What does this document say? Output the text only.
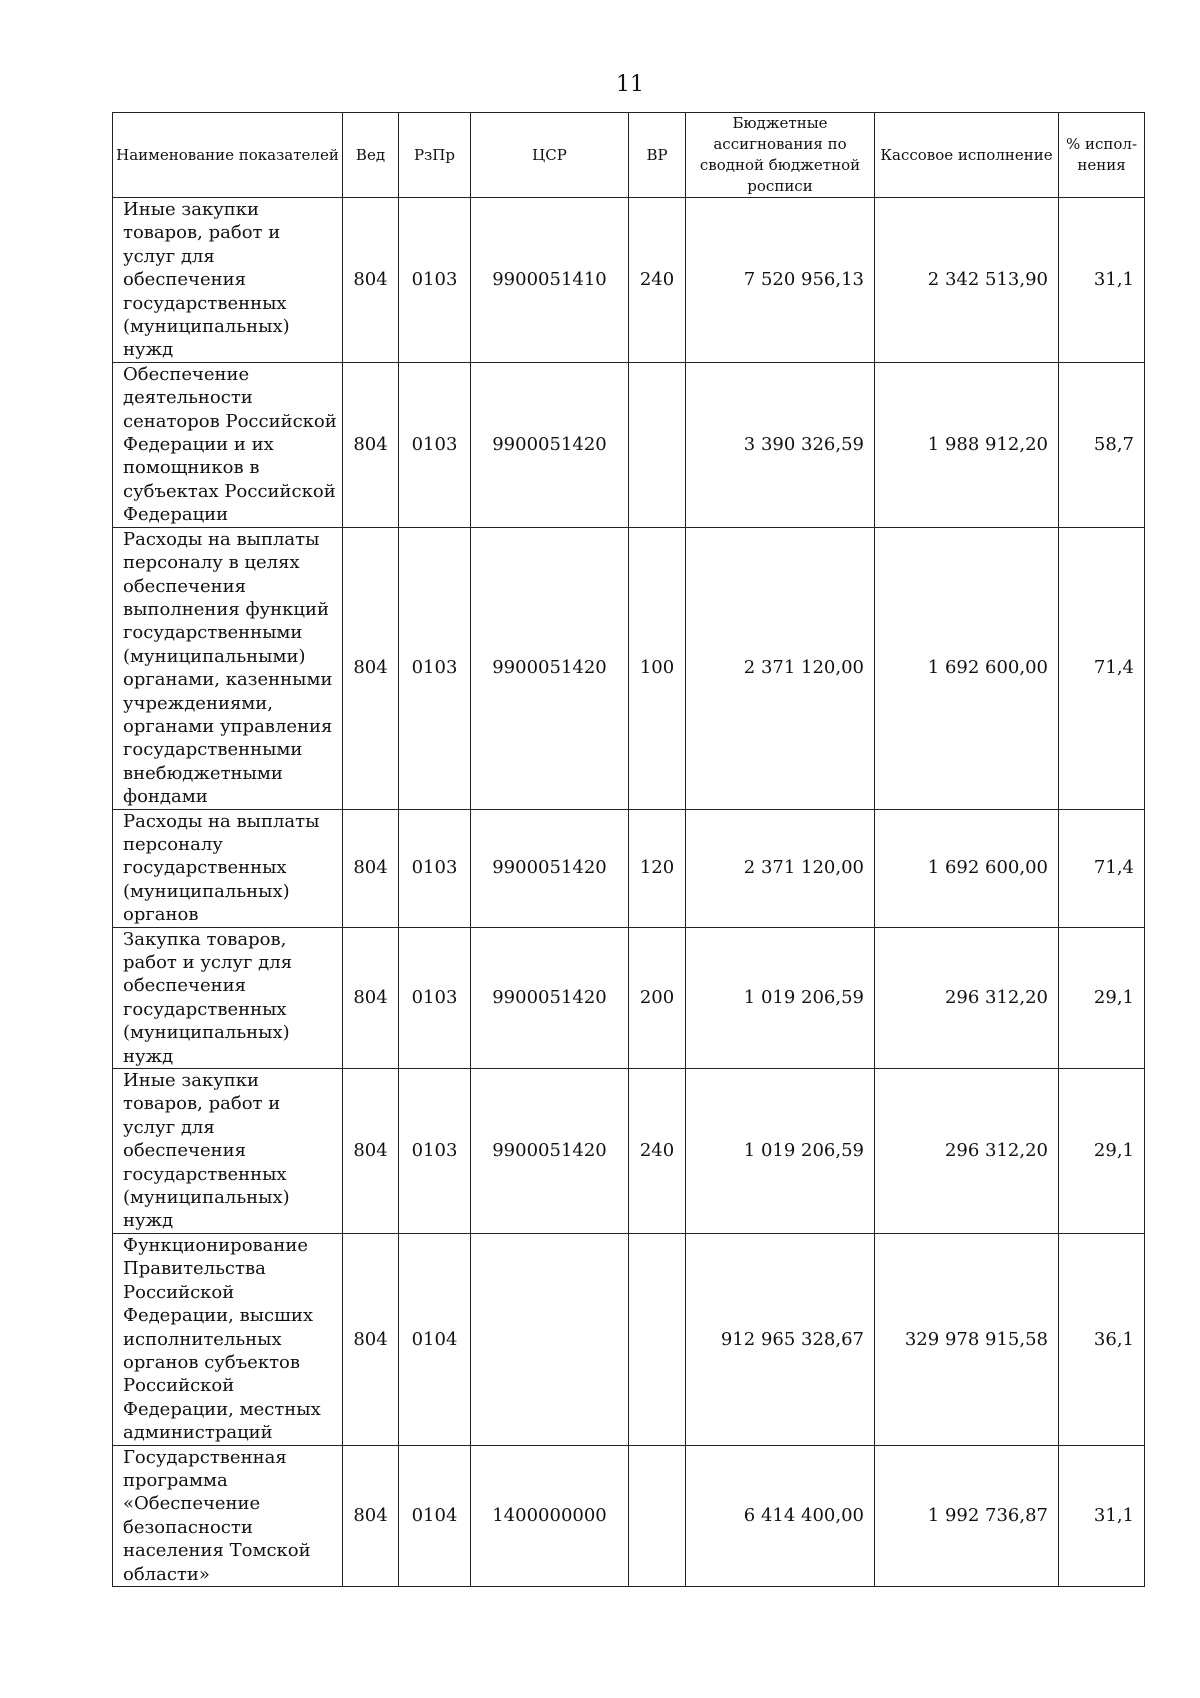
11
Наименование показателей	Вед	РзПр	ЦСР	ВР	Бюджетные ассигнования по сводной бюджетной росписи	Кассовое исполнение	% испол-нения
Иные закупки товаров, работ и услуг для обеспечения государственных (муниципальных) нужд	804	0103	9900051410	240	7 520 956,13	2 342 513,90	31,1
Обеспечение деятельности сенаторов Российской Федерации и их помощников в субъектах Российской Федерации	804	0103	9900051420		3 390 326,59	1 988 912,20	58,7
Расходы на выплаты персоналу в целях обеспечения выполнения функций государственными (муниципальными) органами, казенными учреждениями, органами управления государственными внебюджетными фондами	804	0103	9900051420	100	2 371 120,00	1 692 600,00	71,4
Расходы на выплаты персоналу государственных (муниципальных) органов	804	0103	9900051420	120	2 371 120,00	1 692 600,00	71,4
Закупка товаров, работ и услуг для обеспечения государственных (муниципальных) нужд	804	0103	9900051420	200	1 019 206,59	296 312,20	29,1
Иные закупки товаров, работ и услуг для обеспечения государственных (муниципальных) нужд	804	0103	9900051420	240	1 019 206,59	296 312,20	29,1
Функционирование Правительства Российской Федерации, высших исполнительных органов субъектов Российской Федерации, местных администраций	804	0104			912 965 328,67	329 978 915,58	36,1
Государственная программа «Обеспечение безопасности населения Томской области»	804	0104	1400000000		6 414 400,00	1 992 736,87	31,1
